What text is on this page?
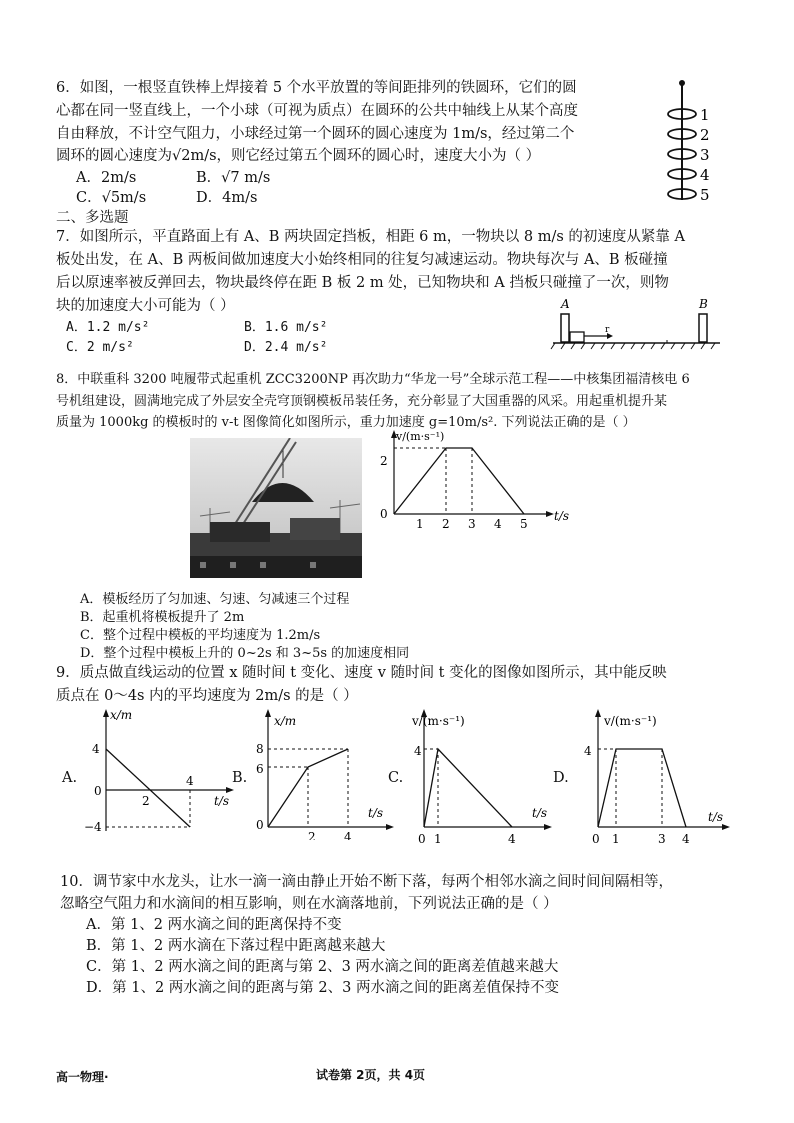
6．如图，一根竖直铁棒上焊接着 5 个水平放置的等间距排列的铁圆环，它们的圆
心都在同一竖直线上，一个小球（可视为质点）在圆环的公共中轴线上从某个高度
自由释放，不计空气阻力，小球经过第一个圆环的圆心速度为 1m/s，经过第二个
圆环的圆心速度为√2m/s，则它经过第五个圆环的圆心时，速度大小为（ ）
A．2m/s	B．√7 m/s
C．√5m/s	D．4m/s
1
2
3
4
5
二、多选题
7．如图所示，平直路面上有 A、B 两块固定挡板，相距 6 m，一物块以 8 m/s 的初速度从紧靠 A
板处出发，在 A、B 两板间做加速度大小始终相同的往复匀减速运动。物块每次与 A、B 板碰撞
后以原速率被反弹回去，物块最终停在距 B 板 2 m 处，已知物块和 A 挡板只碰撞了一次，则物
块的加速度大小可能为（ ）
A．1.2 m/s²	B．1.6 m/s²
C．2 m/s²	D．2.4 m/s²
A	B
r
8．中联重科 3200 吨履带式起重机 ZCC3200NP 再次助力“华龙一号”全球示范工程——中核集团福清核电 6
号机组建设，圆满地完成了外层安全壳穹顶钢模板吊装任务，充分彰显了大国重器的风采。用起重机提升某
质量为 1000kg 的模板时的 v-t 图像简化如图所示，重力加速度 g=10m/s². 下列说法正确的是（ ）
v/(m·s⁻¹)
t/s
0
2
1 2 3 4 5
A．模板经历了匀加速、匀速、匀减速三个过程
B．起重机将模板提升了 2m
C．整个过程中模板的平均速度为 1.2m/s
D．整个过程中模板上升的 0~2s 和 3~5s 的加速度相同
9．质点做直线运动的位置 x 随时间 t 变化、速度 v 随时间 t 变化的图像如图所示，其中能反映
质点在 0～4s 内的平均速度为 2m/s 的是（ ）
A.
x/m
t/s
4
0
−4
2
4	B.
x/m
t/s
8
6
0
2 4
C.
v/(m·s⁻¹)
t/s
4
0 1	4
D.
v/(m·s⁻¹)
t/s
4
0 1	3 4
10．调节家中水龙头，让水一滴一滴由静止开始不断下落，每两个相邻水滴之间时间间隔相等，
忽略空气阻力和水滴间的相互影响，则在水滴落地前，下列说法正确的是（ ）
A．第 1、2 两水滴之间的距离保持不变
B．第 1、2 两水滴在下落过程中距离越来越大
C．第 1、2 两水滴之间的距离与第 2、3 两水滴之间的距离差值越来越大
D．第 1、2 两水滴之间的距离与第 2、3 两水滴之间的距离差值保持不变
高一物理·	试卷第 2页，共 4页
